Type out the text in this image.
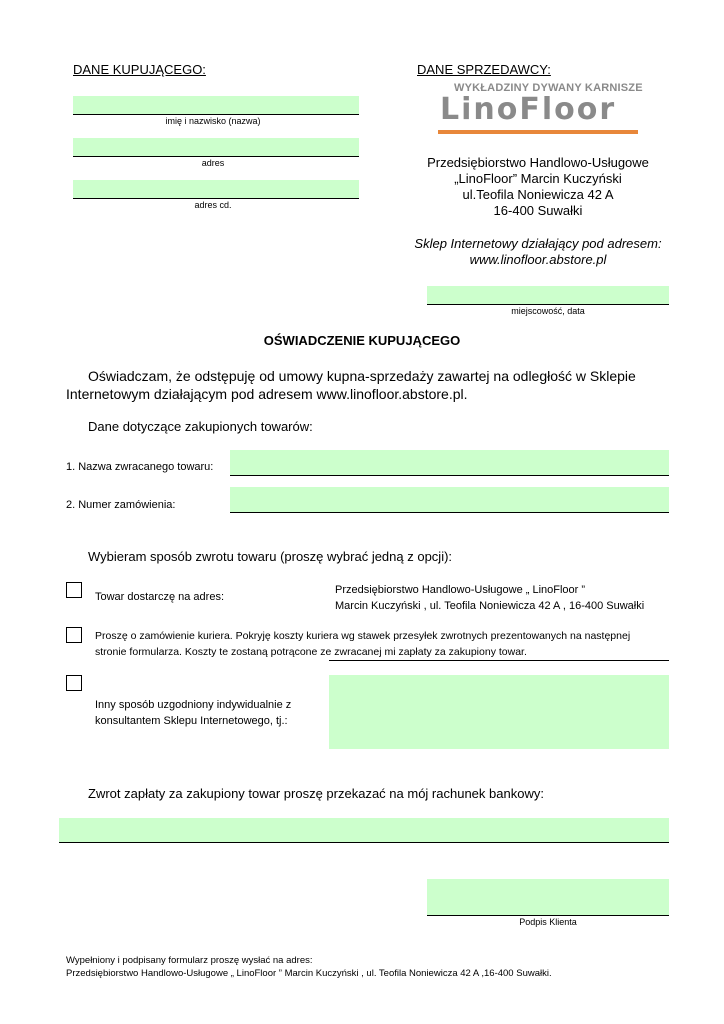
DANE KUPUJĄCEGO:
imię i nazwisko (nazwa)
adres
adres cd.
DANE SPRZEDAWCY:
WYKŁADZINY DYWANY KARNISZE
LinoFloor
Przedsiębiorstwo Handlowo-Usługowe
„LinoFloor” Marcin Kuczyński
ul.Teofila Noniewicza 42 A
16-400 Suwałki
Sklep Internetowy działający pod adresem:
www.linofloor.abstore.pl
miejscowość, data
OŚWIADCZENIE KUPUJĄCEGO
Oświadczam, że odstępuję od umowy kupna-sprzedaży zawartej na odległość w Sklepie
Internetowym działającym pod adresem www.linofloor.abstore.pl.
Dane dotyczące zakupionych towarów:
1. Nazwa zwracanego towaru:
2. Numer zamówienia:
Wybieram sposób zwrotu towaru (proszę wybrać jedną z opcji):
Towar dostarczę na adres:
Przedsiębiorstwo Handlowo-Usługowe „ LinoFloor ”
Marcin Kuczyński , ul. Teofila Noniewicza 42 A , 16-400 Suwałki
Proszę o zamówienie kuriera. Pokryję koszty kuriera wg stawek przesyłek zwrotnych prezentowanych na następnej
stronie formularza. Koszty te zostaną potrącone ze zwracanej mi zapłaty za zakupiony towar.
Inny sposób uzgodniony indywidualnie z
konsultantem Sklepu Internetowego, tj.:
Zwrot zapłaty za zakupiony towar proszę przekazać na mój rachunek bankowy:
Podpis Klienta
Wypełniony i podpisany formularz proszę wysłać na adres:
Przedsiębiorstwo Handlowo-Usługowe „ LinoFloor ” Marcin Kuczyński , ul. Teofila Noniewicza 42 A ,16-400 Suwałki.
